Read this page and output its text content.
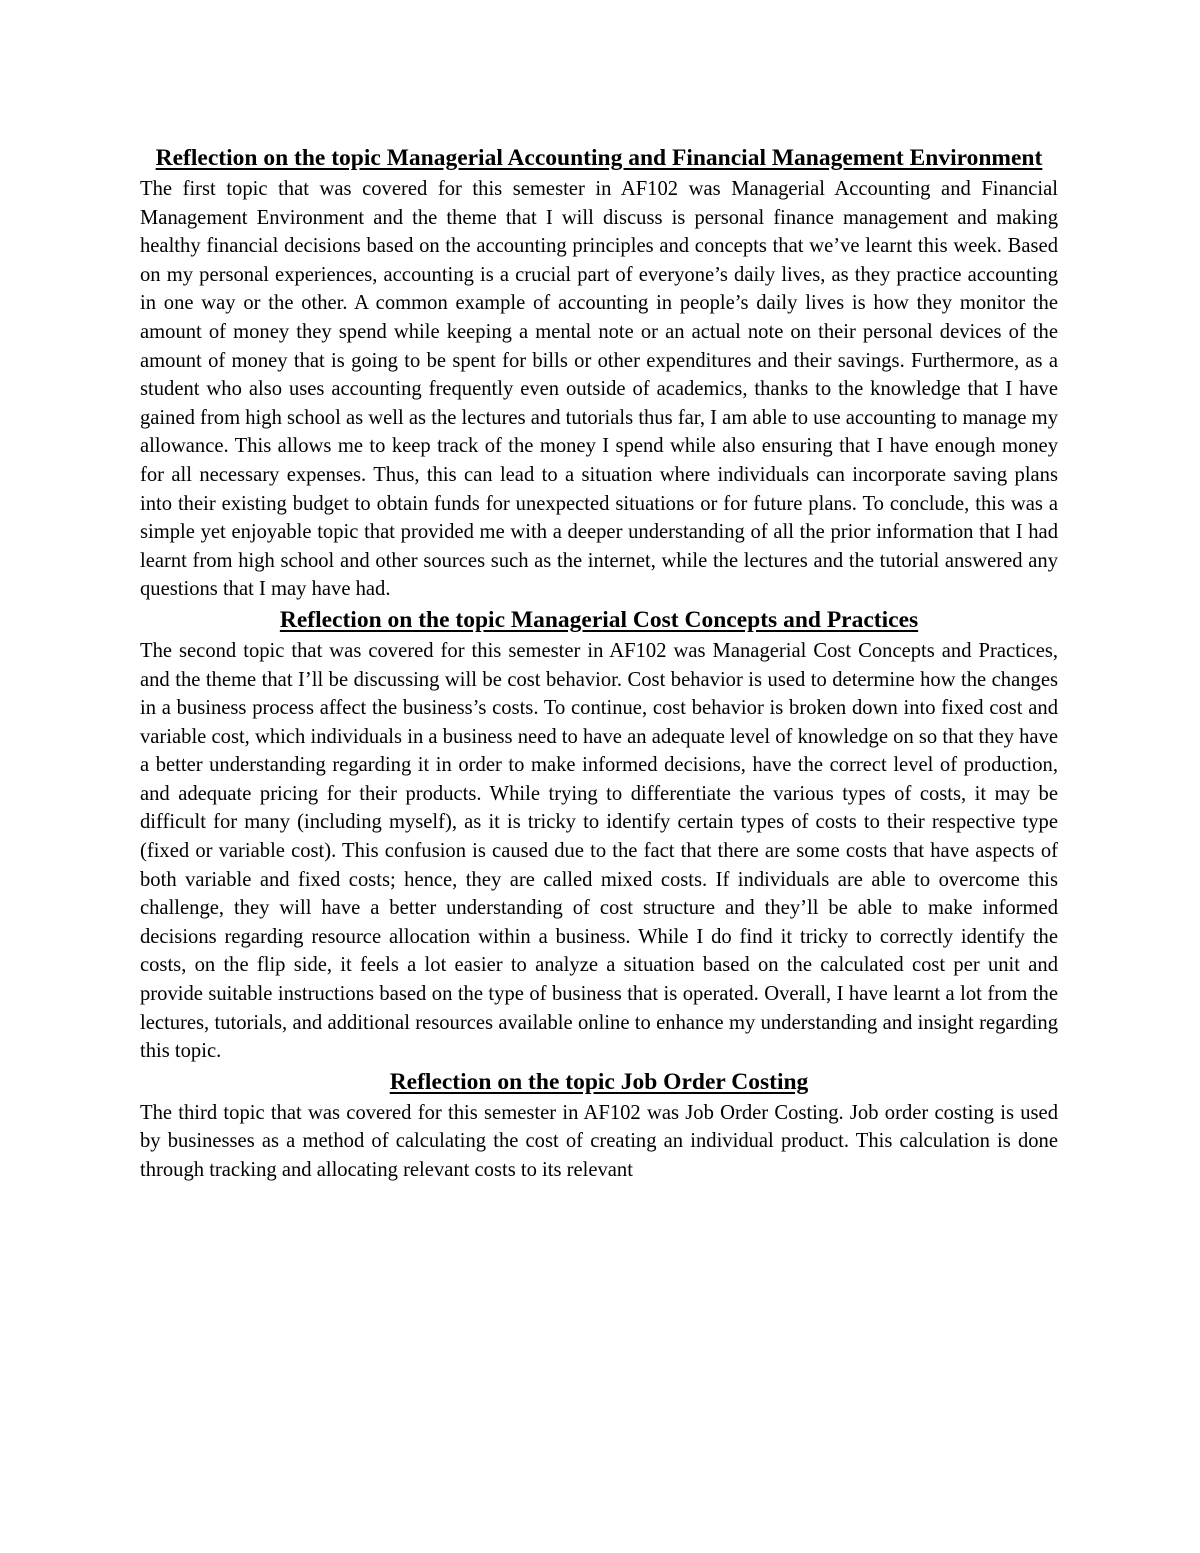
Reflection on the topic Managerial Accounting and Financial Management Environment

The first topic that was covered for this semester in AF102 was Managerial Accounting and Financial Management Environment and the theme that I will discuss is personal finance management and making healthy financial decisions based on the accounting principles and concepts that we’ve learnt this week. Based on my personal experiences, accounting is a crucial part of everyone’s daily lives, as they practice accounting in one way or the other. A common example of accounting in people’s daily lives is how they monitor the amount of money they spend while keeping a mental note or an actual note on their personal devices of the amount of money that is going to be spent for bills or other expenditures and their savings. Furthermore, as a student who also uses accounting frequently even outside of academics, thanks to the knowledge that I have gained from high school as well as the lectures and tutorials thus far, I am able to use accounting to manage my allowance. This allows me to keep track of the money I spend while also ensuring that I have enough money for all necessary expenses. Thus, this can lead to a situation where individuals can incorporate saving plans into their existing budget to obtain funds for unexpected situations or for future plans. To conclude, this was a simple yet enjoyable topic that provided me with a deeper understanding of all the prior information that I had learnt from high school and other sources such as the internet, while the lectures and the tutorial answered any questions that I may have had.

Reflection on the topic Managerial Cost Concepts and Practices

The second topic that was covered for this semester in AF102 was Managerial Cost Concepts and Practices, and the theme that I’ll be discussing will be cost behavior. Cost behavior is used to determine how the changes in a business process affect the business’s costs. To continue, cost behavior is broken down into fixed cost and variable cost, which individuals in a business need to have an adequate level of knowledge on so that they have a better understanding regarding it in order to make informed decisions, have the correct level of production, and adequate pricing for their products. While trying to differentiate the various types of costs, it may be difficult for many (including myself), as it is tricky to identify certain types of costs to their respective type (fixed or variable cost). This confusion is caused due to the fact that there are some costs that have aspects of both variable and fixed costs; hence, they are called mixed costs. If individuals are able to overcome this challenge, they will have a better understanding of cost structure and they’ll be able to make informed decisions regarding resource allocation within a business. While I do find it tricky to correctly identify the costs, on the flip side, it feels a lot easier to analyze a situation based on the calculated cost per unit and provide suitable instructions based on the type of business that is operated. Overall, I have learnt a lot from the lectures, tutorials, and additional resources available online to enhance my understanding and insight regarding this topic.

Reflection on the topic Job Order Costing

The third topic that was covered for this semester in AF102 was Job Order Costing. Job order costing is used by businesses as a method of calculating the cost of creating an individual product. This calculation is done through tracking and allocating relevant costs to its relevant
